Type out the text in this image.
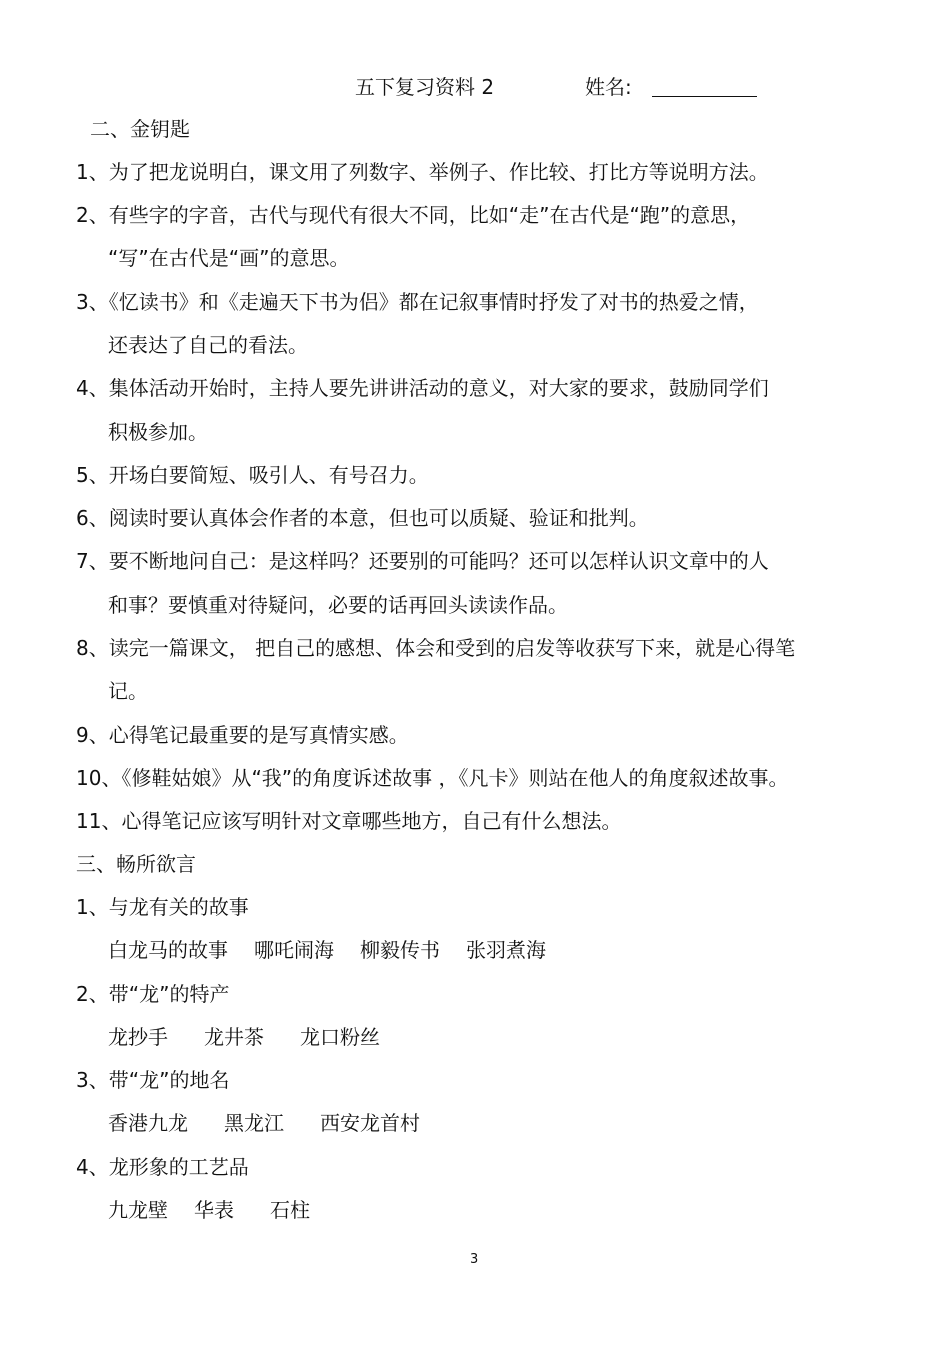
五下复习资料 2	姓名:
二、金钥匙
1、为了把龙说明白，课文用了列数字、举例子、作比较、打比方等说明方法。
2、有些字的字音，古代与现代有很大不同，比如“走”在古代是“跑”的意思，
“写”在古代是“画”的意思。
3、《忆读书》和《走遍天下书为侣》都在记叙事情时抒发了对书的热爱之情，
还表达了自己的看法。
4、集体活动开始时，主持人要先讲讲活动的意义，对大家的要求，鼓励同学们
积极参加。
5、开场白要简短、吸引人、有号召力。
6、阅读时要认真体会作者的本意，但也可以质疑、验证和批判。
7、要不断地问自己：是这样吗？还要别的可能吗？还可以怎样认识文章中的人
和事？要慎重对待疑问，必要的话再回头读读作品。
8、读完一篇课文， 把自己的感想、体会和受到的启发等收获写下来，就是心得笔
记。
9、心得笔记最重要的是写真情实感。
10、《修鞋姑娘》从“我”的角度诉述故事 ，《凡卡》则站在他人的角度叙述故事。
11、心得笔记应该写明针对文章哪些地方，自己有什么想法。
三、畅所欲言
1、与龙有关的故事
白龙马的故事 哪吒闹海 柳毅传书 张羽煮海
2、带“龙”的特产
龙抄手 龙井茶 龙口粉丝
3、带“龙”的地名
香港九龙 黑龙江 西安龙首村
4、龙形象的工艺品
九龙壁 华表 石柱
3
